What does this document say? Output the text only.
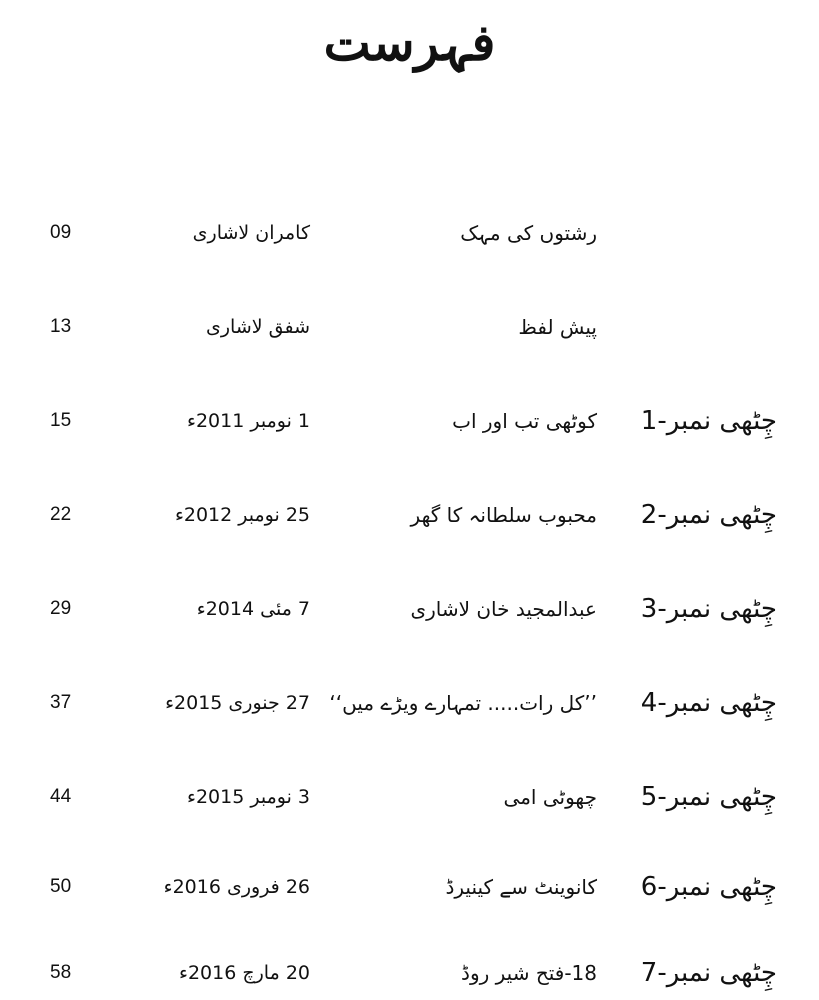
فہرست
رشتوں کی مہک
کامران لاشاری
09
پیش لفظ
شفق لاشاری
13
چِٹھی نمبر-1
کوٹھی تب اور اب
1 نومبر 2011ء
15
چِٹھی نمبر-2
محبوب سلطانہ کا گھر
25 نومبر 2012ء
22
چِٹھی نمبر-3
عبدالمجید خان لاشاری
7 مئی 2014ء
29
چِٹھی نمبر-4
’’کل رات..... تمہارے ویڑے میں‘‘
27 جنوری 2015ء
37
چِٹھی نمبر-5
چھوٹی امی
3 نومبر 2015ء
44
چِٹھی نمبر-6
کانوینٹ سے کینیرڈ
26 فروری 2016ء
50
چِٹھی نمبر-7
18-فتح شیر روڈ
20 مارچ 2016ء
58
